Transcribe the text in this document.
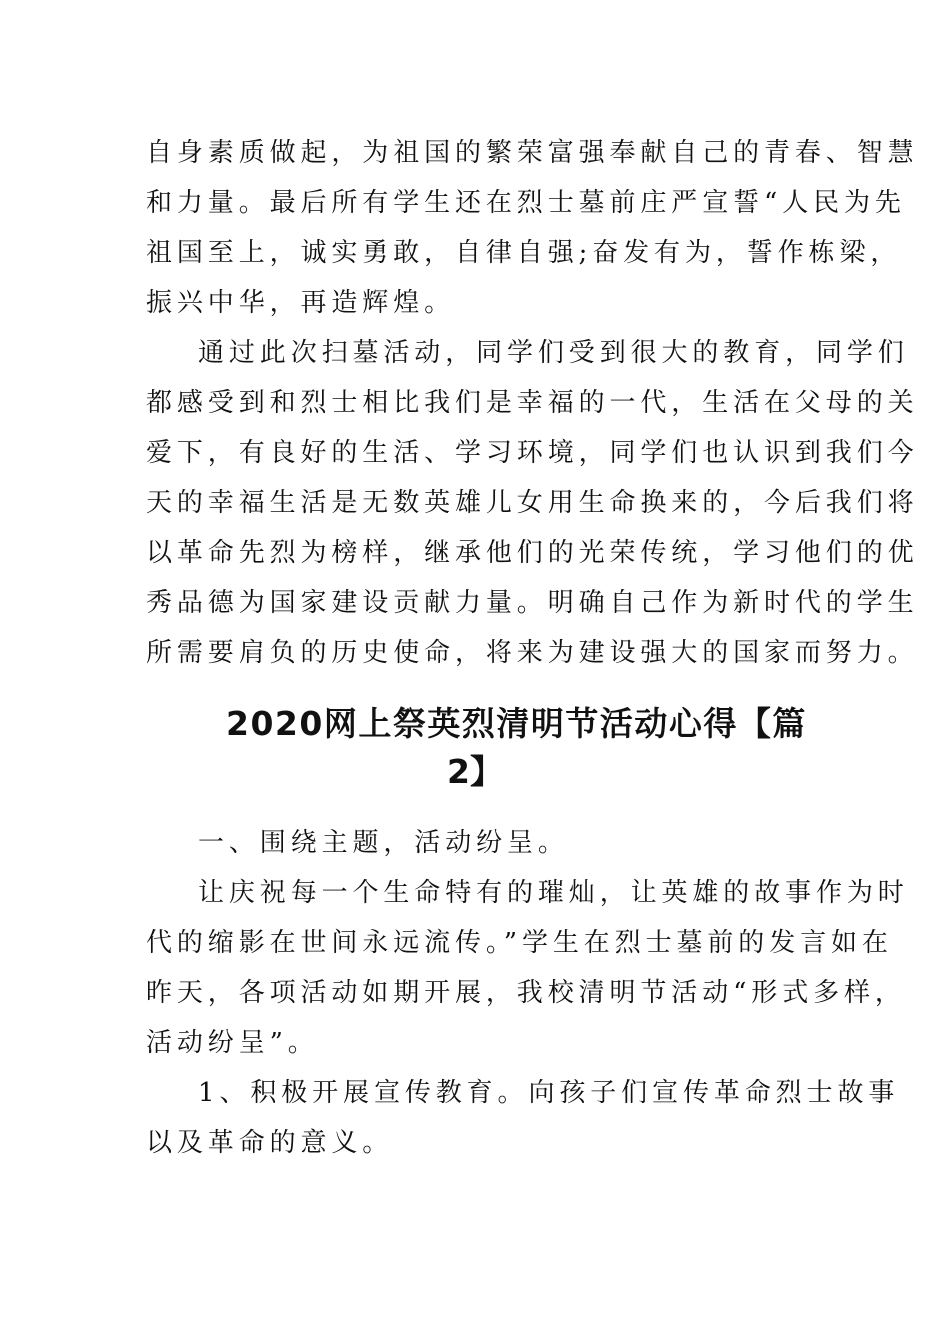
自身素质做起，为祖国的繁荣富强奉献自己的青春、智慧
和力量。最后所有学生还在烈士墓前庄严宣誓“人民为先
祖国至上，诚实勇敢，自律自强;奋发有为，誓作栋梁，
振兴中华，再造辉煌。
通过此次扫墓活动，同学们受到很大的教育，同学们
都感受到和烈士相比我们是幸福的一代，生活在父母的关
爱下，有良好的生活、学习环境，同学们也认识到我们今
天的幸福生活是无数英雄儿女用生命换来的，今后我们将
以革命先烈为榜样，继承他们的光荣传统，学习他们的优
秀品德为国家建设贡献力量。明确自己作为新时代的学生
所需要肩负的历史使命，将来为建设强大的国家而努力。
2020网上祭英烈清明节活动心得【篇
2】
一、围绕主题，活动纷呈。
让庆祝每一个生命特有的璀灿，让英雄的故事作为时
代的缩影在世间永远流传。”学生在烈士墓前的发言如在
昨天，各项活动如期开展，我校清明节活动“形式多样，
活动纷呈”。
1、积极开展宣传教育。向孩子们宣传革命烈士故事
以及革命的意义。
